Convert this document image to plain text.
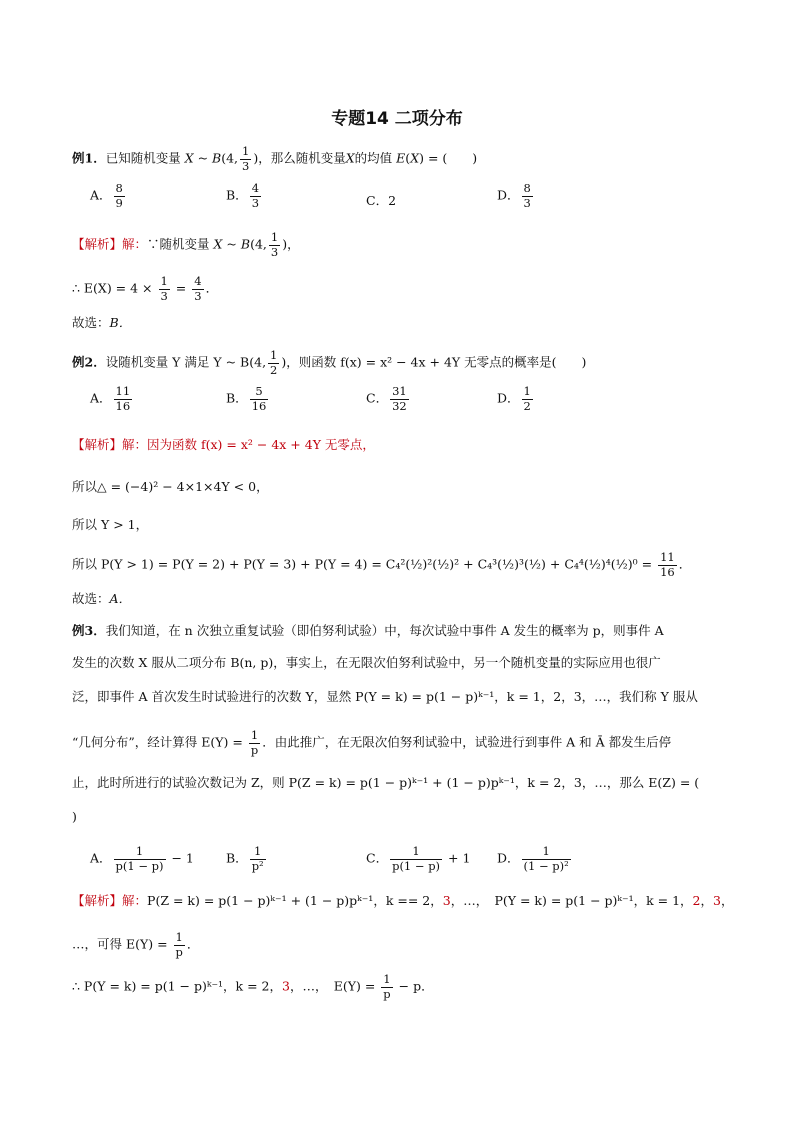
专题14 二项分布
例1．已知随机变量 X ~ B(4, $\frac{1}{3}$ )，那么随机变量X的均值 E(X) = (　　)
A． $\frac{8}{9}$	B． $\frac{4}{3}$	C．2	D． $\frac{8}{3}$
【解析】解：∵随机变量 X ~ B(4, $\frac{1}{3}$ )，
∴ $E(X) = 4 \times \frac{1}{3} = \frac{4}{3}$ ．
故选：B．
例2．设随机变量 Y 满足 Y ~ B(4, $\frac{1}{2}$ )，则函数 f(x) = x² − 4x + 4Y 无零点的概率是(　　)
A． $\frac{11}{16}$	B． $\frac{5}{16}$	C． $\frac{31}{32}$	D． $\frac{1}{2}$
【解析】解：因为函数 f(x) = x² − 4x + 4Y 无零点，
所以△ = (−4)² − 4×1×4Y < 0，
所以 Y > 1，
所以 P(Y > 1) = P(Y = 2) + P(Y = 3) + P(Y = 4) = C₄²(½)²(½)² + C₄³(½)³(½) + C₄⁴(½)⁴(½)⁰ = $\frac{11}{16}$ ．
故选：A．
例3．我们知道，在 n 次独立重复试验（即伯努利试验）中，每次试验中事件 A 发生的概率为 p，则事件 A
发生的次数 X 服从二项分布 B(n, p)，事实上，在无限次伯努利试验中，另一个随机变量的实际应用也很广
泛，即事件 A 首次发生时试验进行的次数 Y，显然 P(Y = k) = p(1 − p)ᵏ⁻¹，k = 1，2，3，…，我们称 Y 服从
“几何分布”，经计算得 $E(Y) = \frac{1}{p}$ ．由此推广，在无限次伯努利试验中，试验进行到事件 A 和 Ā 都发生后停
止，此时所进行的试验次数记为 Z，则 P(Z = k) = p(1 − p)ᵏ⁻¹ + (1 − p)pᵏ⁻¹，k = 2，3，…，那么 E(Z) = (
)
A． $\frac{1}{p(1 - p)} - 1$	B． $\frac{1}{\text{p²}}$	C． $\frac{1}{p(1 - p)} + 1$ D． $\frac{1}{\text{(1 − p)²}}$
【解析】解：P(Z = k) = p(1 − p)ᵏ⁻¹ + (1 − p)pᵏ⁻¹，k == 2，3，…，　P(Y = k) = p(1 − p)ᵏ⁻¹，k = 1，2，3，
…，可得 $E(Y) = \frac{1}{p}$ ．
∴ P(Y = k) = p(1 − p)ᵏ⁻¹，k = 2，3，…，　$E(Y) = \frac{1}{p} - p$．
